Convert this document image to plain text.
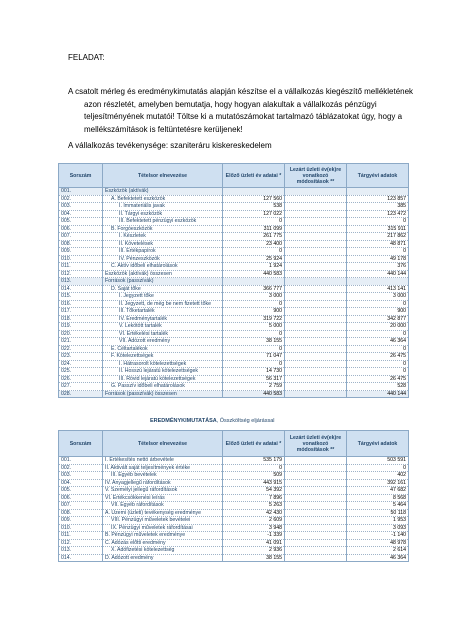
FELADAT:
A csatolt mérleg és eredménykimutatás alapján készítse el a vállalkozás kiegészítő mellékletének
azon részletét, amelyben bemutatja, hogy hogyan alakultak a vállalkozás pénzügyi
teljesítményének mutatói! Töltse ki a mutatószámokat tartalmazó táblázatokat úgy, hogy a
mellékszámítások is feltüntetésre kerüljenek!
A vállalkozás tevékenysége: szaniteráru kiskereskedelem
Sorszám	Tételsor elnevezése	Előző üzleti év adatai *	Lezárt üzleti év(ek)re vonatkozó módosítások **	Tárgyévi adatok
001.	Eszközök (aktívák)			
002.	A. Befektetett eszközök	127 560		123 857
003.	I. Immateriális javak	538		385
004.	II. Tárgyi eszközök	127 022		123 472
005.	III. Befektetett pénzügyi eszközök	0		0
006.	B. Forgóeszközök	311 099		315 911
007.	I. Készletek	261 775		217 862
008.	II. Követelések	23 400		48 871
009.	III. Értékpapírok	0		0
010.	IV. Pénzeszközök	25 924		49 178
011.	C. Aktív időbeli elhatárolások	1 924		376
012.	Eszközök (aktívák) összesen	440 583		440 144
013.	Források (passzívák)			
014.	D. Saját tőke	366 777		413 141
015.	I. Jegyzett tőke	3 000		3 000
016.	II. Jegyzett, de még be nem fizetett tőke	0		0
017.	III. Tőketartalék	900		900
018.	IV. Eredménytartalék	319 722		342 877
019.	V. Lekötött tartalék	5 000		20 000
020.	VI. Értékelési tartalék	0		0
021.	VII. Adózott eredmény	38 155		46 364
022.	E. Céltartalékok	0		0
023.	F. Kötelezettségek	71 047		26 475
024.	I. Hátrasorolt kötelezettségek	0		0
025.	II. Hosszú lejáratú kötelezettségek	14 730		0
026.	III. Rövid lejáratú kötelezettségek	56 317		26 475
027.	G. Passzív időbeli elhatárolások	2 759		528
028.	Források (passzívák) összesen	440 583		440 144
EREDMÉNYKIMUTATÁSA, Összköltség eljárással
Sorszám	Tételsor elnevezése	Előző üzleti év adatai *	Lezárt üzleti év(ek)re vonatkozó módosítások **	Tárgyévi adatok
001.	I. Értékesítés nettó árbevétele	535 179		503 591
002.	II. Aktivált saját teljesítmények értéke	0		0
003.	III. Egyéb bevételek	509		402
004.	IV. Anyagjellegű ráfordítások	443 915		392 161
005.	V. Személyi jellegű ráfordítások	54 392		47 682
006.	VI. Értékcsökkenési leírás	7 896		8 568
007.	VII. Egyéb ráfordítások	5 263		5 464
008.	A. Üzemi (üzleti) tevékenység eredménye	42 430		50 118
009.	VIII. Pénzügyi műveletek bevételei	2 609		1 953
010.	IX. Pénzügyi műveletek ráfordításai	3 948		3 093
011.	B. Pénzügyi műveletek eredménye	-1 339		-1 140
012.	C. Adózás előtti eredmény	41 091		48 978
013.	X. Adófizetési kötelezettség	2 936		2 614
014.	D. Adózott eredmény	38 155		46 364
